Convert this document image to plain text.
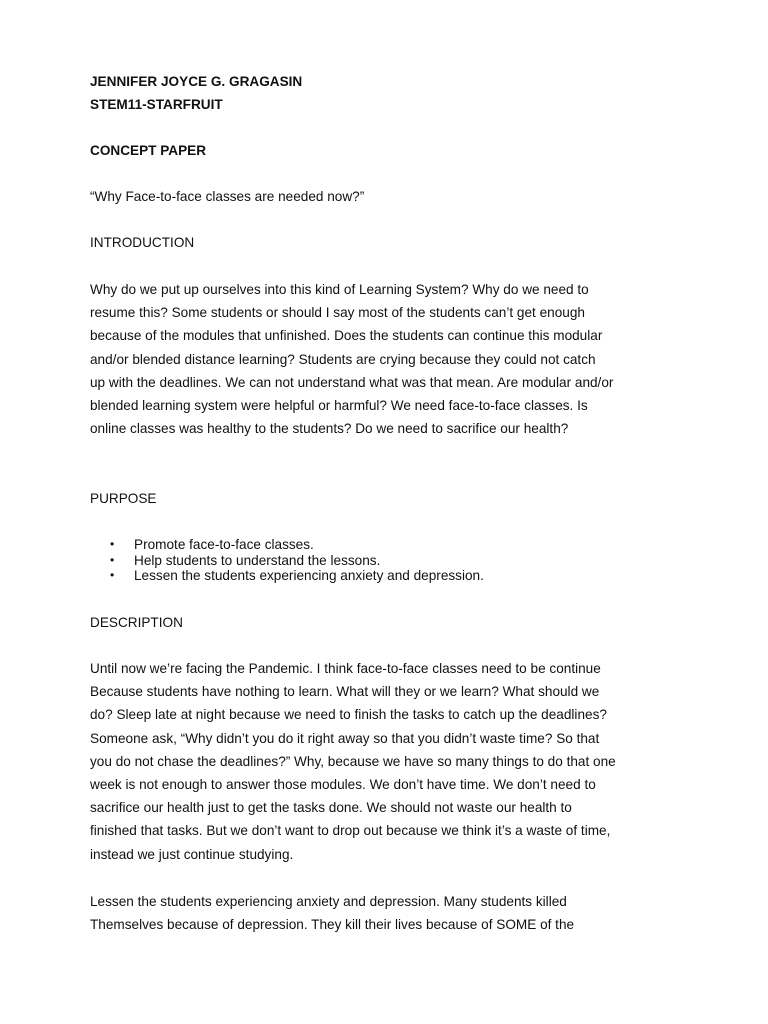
JENNIFER JOYCE G. GRAGASIN

STEM11-STARFRUIT

CONCEPT PAPER

“Why Face-to-face classes are needed now?”

INTRODUCTION

Why do we put up ourselves into this kind of Learning System? Why do we need to

resume this? Some students or should I say most of the students can’t get enough

because of the modules that unfinished. Does the students can continue this modular

and/or blended distance learning? Students are crying because they could not catch

up with the deadlines. We can not understand what was that mean. Are modular and/or

blended learning system were helpful or harmful? We need face-to-face classes. Is

online classes was healthy to the students? Do we need to sacrifice our health?

PURPOSE

• Promote face-to-face classes.
• Help students to understand the lessons.
• Lessen the students experiencing anxiety and depression.

DESCRIPTION

Until now we’re facing the Pandemic. I think face-to-face classes need to be continue

Because students have nothing to learn. What will they or we learn? What should we

do? Sleep late at night because we need to finish the tasks to catch up the deadlines?

Someone ask, “Why didn’t you do it right away so that you didn’t waste time? So that

you do not chase the deadlines?” Why, because we have so many things to do that one

week is not enough to answer those modules. We don’t have time. We don’t need to

sacrifice our health just to get the tasks done. We should not waste our health to

finished that tasks. But we don’t want to drop out because we think it’s a waste of time,

instead we just continue studying.

Lessen the students experiencing anxiety and depression. Many students killed

Themselves because of depression. They kill their lives because of SOME of the
